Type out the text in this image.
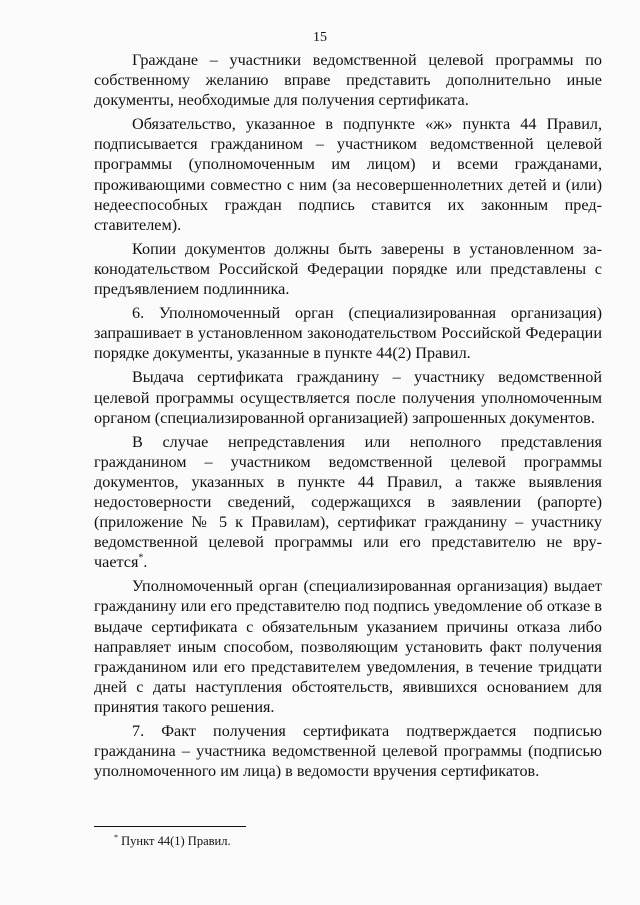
15

Граждане – участники ведомственной целевой программы по собственному желанию вправе представить дополнительно иные документы, необходимые для получения сертификата.

Обязательство, указанное в подпункте «ж» пункта 44 Правил, подписывается гражданином – участником ведомственной целевой программы (уполномоченным им лицом) и всеми гражданами, проживающими совместно с ним (за несовершеннолетних детей и (или) недееспособных граждан подпись ставится их законным представителем).

Копии документов должны быть заверены в установленном законодательством Российской Федерации порядке или представлены с предъявлением подлинника.

6. Уполномоченный орган (специализированная организация) запрашивает в установленном законодательством Российской Федерации порядке документы, указанные в пункте 44(2) Правил.

Выдача сертификата гражданину – участнику ведомственной целевой программы осуществляется после получения уполномоченным органом (специализированной организацией) запрошенных документов.

В случае непредставления или неполного представления гражданином – участником ведомственной целевой программы документов, указанных в пункте 44 Правил, а также выявления недостоверности сведений, содержащихся в заявлении (рапорте) (приложение № 5 к Правилам), сертификат гражданину – участнику ведомственной целевой программы или его представителю не вручается*.

Уполномоченный орган (специализированная организация) выдает гражданину или его представителю под подпись уведомление об отказе в выдаче сертификата с обязательным указанием причины отказа либо направляет иным способом, позволяющим установить факт получения гражданином или его представителем уведомления, в течение тридцати дней с даты наступления обстоятельств, явившихся основанием для принятия такого решения.

7. Факт получения сертификата подтверждается подписью гражданина – участника ведомственной целевой программы (подписью уполномоченного им лица) в ведомости вручения сертификатов.

* Пункт 44(1) Правил.
